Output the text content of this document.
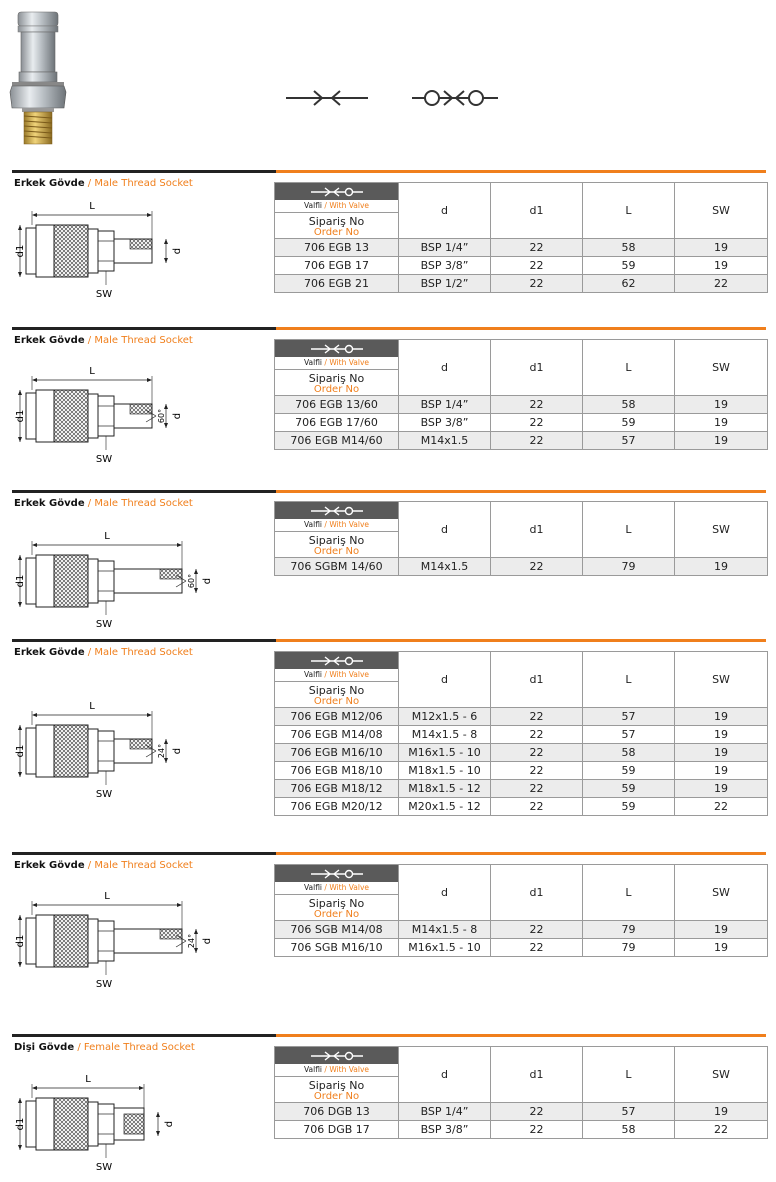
Erkek Gövde / Male Thread Socket
L
d1	d
SW
Valfli / With Valve
Sipariş No
Order No	d	d1	L	SW
706 EGB 13	BSP 1/4”	22	58	19
706 EGB 17	BSP 3/8”	22	59	19
706 EGB 21	BSP 1/2”	22	62	22
Erkek Gövde / Male Thread Socket
L
d1	d
60°
SW
Valfli / With Valve
Sipariş No
Order No	d	d1	L	SW
706 EGB 13/60	BSP 1/4”	22	58	19
706 EGB 17/60	BSP 3/8”	22	59	19
706 EGB M14/60	M14x1.5	22	57	19
Erkek Gövde / Male Thread Socket
L
d1	d
60°
SW
Valfli / With Valve
Sipariş No
Order No	d	d1	L	SW
706 SGBM 14/60	M14x1.5	22	79	19
Erkek Gövde / Male Thread Socket
L
d1	d
24°
SW
Valfli / With Valve
Sipariş No
Order No	d	d1	L	SW
706 EGB M12/06	M12x1.5 - 6	22	57	19
706 EGB M14/08	M14x1.5 - 8	22	57	19
706 EGB M16/10	M16x1.5 - 10	22	58	19
706 EGB M18/10	M18x1.5 - 10	22	59	19
706 EGB M18/12	M18x1.5 - 12	22	59	19
706 EGB M20/12	M20x1.5 - 12	22	59	22
Erkek Gövde / Male Thread Socket
L
d1	d
24°
SW
Valfli / With Valve
Sipariş No
Order No	d	d1	L	SW
706 SGB M14/08	M14x1.5 - 8	22	79	19
706 SGB M16/10	M16x1.5 - 10	22	79	19
Dişi Gövde / Female Thread Socket
L
d1	d
SW
Valfli / With Valve
Sipariş No
Order No	d	d1	L	SW
706 DGB 13	BSP 1/4”	22	57	19
706 DGB 17	BSP 3/8”	22	58	22
